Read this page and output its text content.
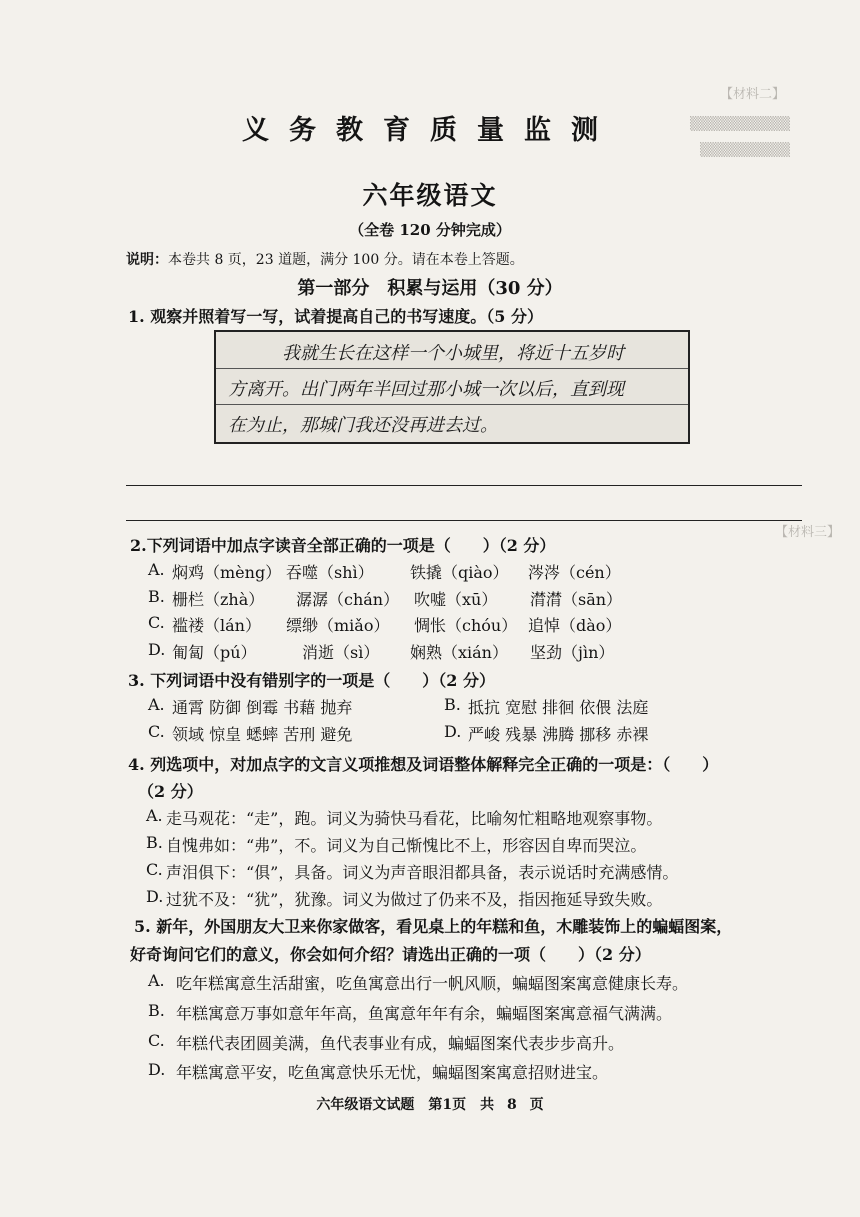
【材料二】
▒▒▒▒▒▒▒▒▒▒
▒▒▒▒▒▒▒▒▒
【材料三】
义务教育质量监测
六年级语文
（全卷 120 分钟完成）
说明：本卷共 8 页，23 道题，满分 100 分。请在本卷上答题。
第一部分　积累与运用（30 分）
1. 观察并照着写一写，试着提高自己的书写速度。（5 分）
我就生长在这样一个小城里，将近十五岁时
方离开。出门两年半回过那小城一次以后，直到现
在为止，那城门我还没再进去过。
2.下列词语中加点字读音全部正确的一项是（　　）（2 分）
A. 焖鸡（mèng） 吞噬（shì） 铁撬（qiào） 涔涔（cén）
B. 栅栏（zhà） 潺潺（chán） 吹嘘（xū） 潸潸（sān）
C. 褴褛（lán） 缥缈（miǎo） 惆怅（chóu） 追悼（dào）
D. 匍匐（pú）	消逝（sì） 娴熟（xián） 坚劲（jìn）
3. 下列词语中没有错别字的一项是（　　）（2 分）
A. 通霄 防御 倒霉 书藉 抛弃	B. 抵抗 宽慰 排徊 依偎 法庭
C. 领域 惊皇 蟋蟀 苦刑 避免	D. 严峻 残暴 沸腾 挪移 赤裸
4. 列选项中，对加点字的文言义项推想及词语整体解释完全正确的一项是：（　　）
（2 分）
A. 走马观花：“走”，跑。词义为骑快马看花，比喻匆忙粗略地观察事物。
B. 自愧弗如：“弗”，不。词义为自己惭愧比不上，形容因自卑而哭泣。
C. 声泪俱下：“俱”，具备。词义为声音眼泪都具备，表示说话时充满感情。
D. 过犹不及：“犹”，犹豫。词义为做过了仍来不及，指因拖延导致失败。
5. 新年，外国朋友大卫来你家做客，看见桌上的年糕和鱼，木雕装饰上的蝙蝠图案，
好奇询问它们的意义，你会如何介绍？请选出正确的一项（　　）（2 分）
A. 吃年糕寓意生活甜蜜，吃鱼寓意出行一帆风顺，蝙蝠图案寓意健康长寿。
B. 年糕寓意万事如意年年高，鱼寓意年年有余，蝙蝠图案寓意福气满满。
C. 年糕代表团圆美满，鱼代表事业有成，蝙蝠图案代表步步高升。
D. 年糕寓意平安，吃鱼寓意快乐无忧，蝙蝠图案寓意招财进宝。
六年级语文试题　第1页　共 8 页
